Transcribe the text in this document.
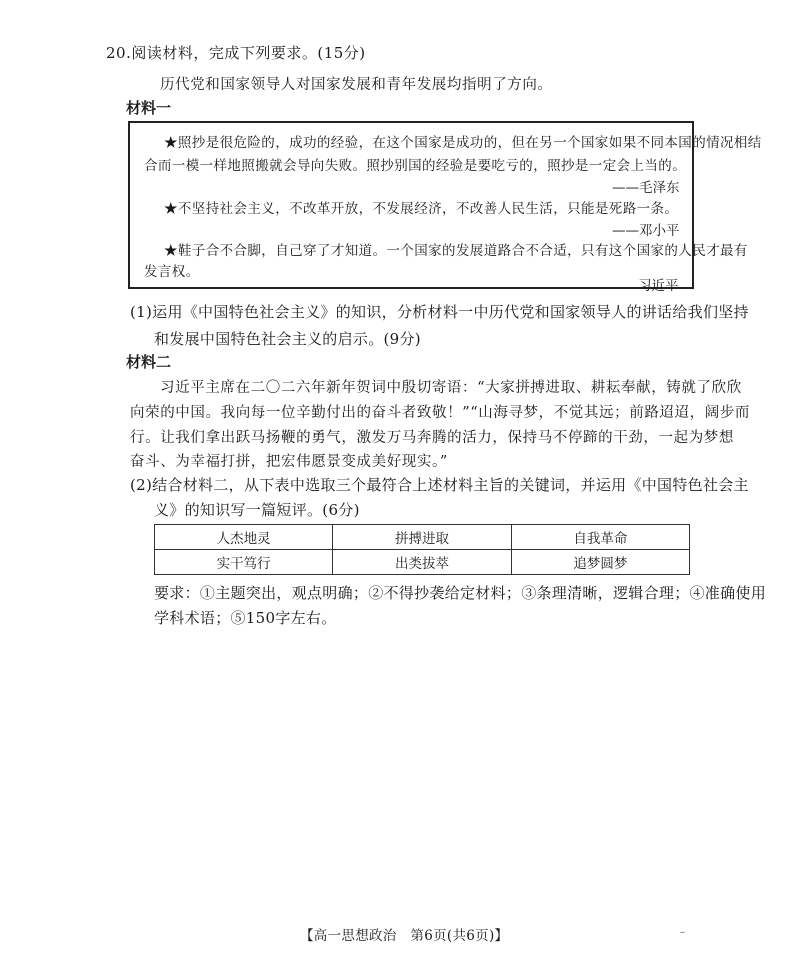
20.阅读材料，完成下列要求。(15分)
历代党和国家领导人对国家发展和青年发展均指明了方向。
材料一
★照抄是很危险的，成功的经验，在这个国家是成功的，但在另一个国家如果不同本国的情况相结
合而一模一样地照搬就会导向失败。照抄别国的经验是要吃亏的，照抄是一定会上当的。
——毛泽东
★不坚持社会主义，不改革开放，不发展经济，不改善人民生活，只能是死路一条。
——邓小平
★鞋子合不合脚，自己穿了才知道。一个国家的发展道路合不合适，只有这个国家的人民才最有
发言权。
习近平
(1)运用《中国特色社会主义》的知识，分析材料一中历代党和国家领导人的讲话给我们坚持
和发展中国特色社会主义的启示。(9分)
材料二
习近平主席在二〇二六年新年贺词中殷切寄语：“大家拼搏进取、耕耘奉献，铸就了欣欣
向荣的中国。我向每一位辛勤付出的奋斗者致敬！”“山海寻梦，不觉其远；前路迢迢，阔步而
行。让我们拿出跃马扬鞭的勇气，激发万马奔腾的活力，保持马不停蹄的干劲，一起为梦想
奋斗、为幸福打拼，把宏伟愿景变成美好现实。”
(2)结合材料二，从下表中选取三个最符合上述材料主旨的关键词，并运用《中国特色社会主
义》的知识写一篇短评。(6分)
人杰地灵	拼搏进取	自我革命
实干笃行	出类拔萃	追梦圆梦
要求：①主题突出，观点明确；②不得抄袭给定材料；③条理清晰，逻辑合理；④准确使用
学科术语；⑤150字左右。
【高一思想政治　第6页(共6页)】	–
